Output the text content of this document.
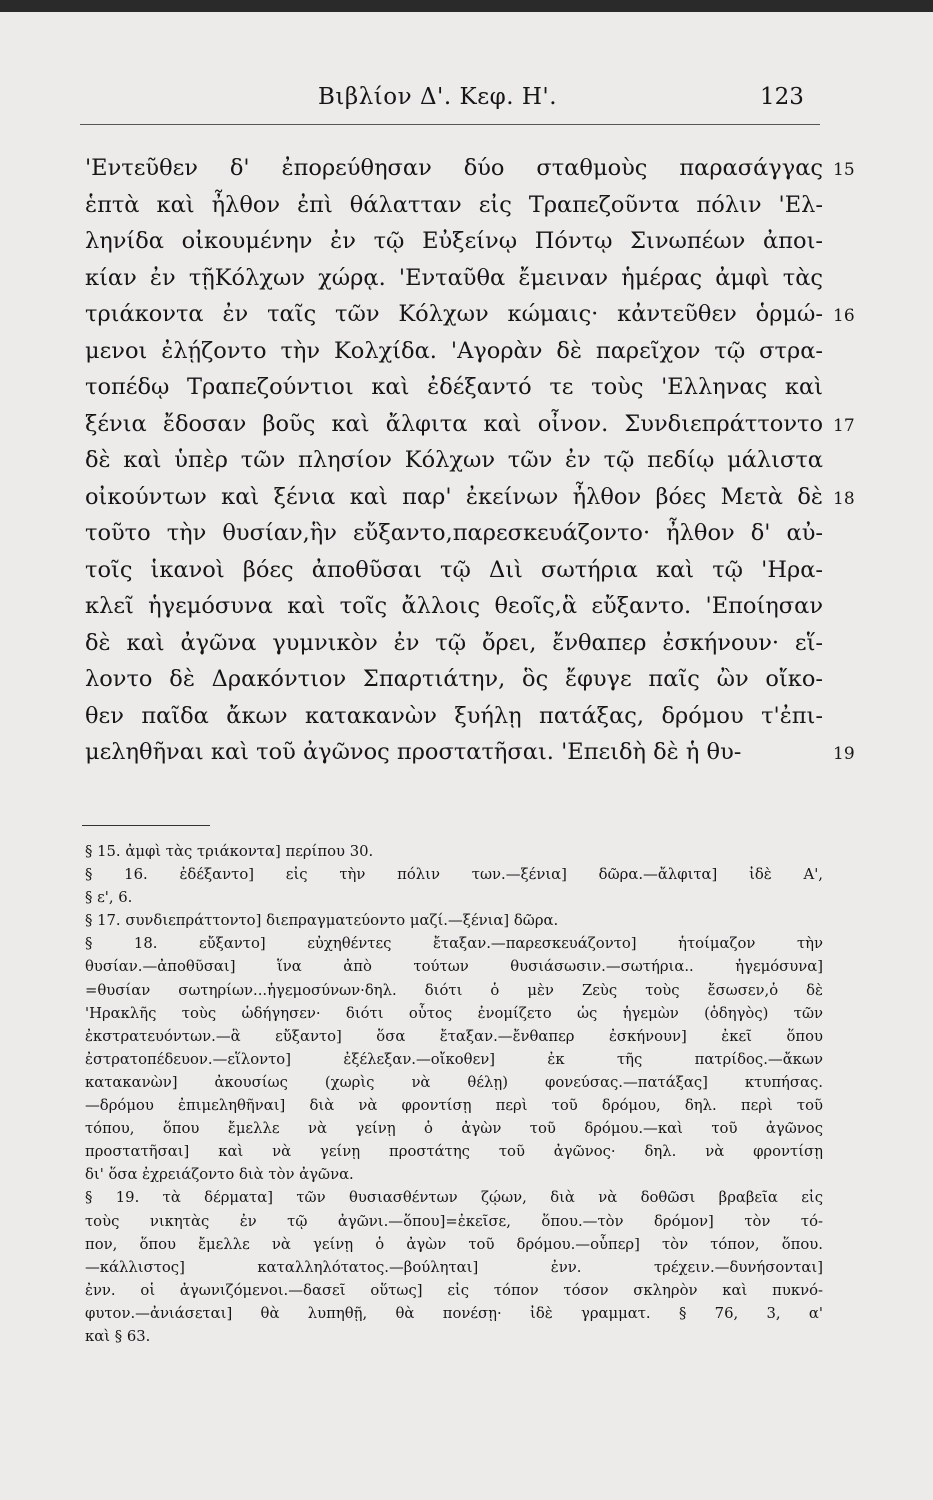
Βιβλίον Δ'. Κεφ. Η'.	123
'Εντεῦθεν δ' ἐπορεύθησαν δύο σταθμοὺς παρασάγγας 15
ἑπτὰ καὶ ἦλθον ἐπὶ θάλατταν εἰς Τραπεζοῦντα πόλιν 'Ελ-
ληνίδα οἰκουμένην ἐν τῷ Εὐξείνῳ Πόντῳ Σινωπέων ἀποι-
κίαν ἐν τῇΚόλχων χώρᾳ. 'Ενταῦθα ἔμειναν ἡμέρας ἀμφὶ τὰς
τριάκοντα ἐν ταῖς τῶν Κόλχων κώμαις· κἀντεῦθεν ὁρμώ- 16
μενοι ἐλῄζοντο τὴν Κολχίδα. 'Αγορὰν δὲ παρεῖχον τῷ στρα-
τοπέδῳ Τραπεζούντιοι καὶ ἐδέξαντό τε τοὺς 'Ελληνας καὶ
ξένια ἔδοσαν βοῦς καὶ ἄλφιτα καὶ οἶνον. Συνδιεπράττοντο 17
δὲ καὶ ὑπὲρ τῶν πλησίον Κόλχων τῶν ἐν τῷ πεδίῳ μάλιστα
οἰκούντων καὶ ξένια καὶ παρ' ἐκείνων ἦλθον βόες Μετὰ δὲ 18
τοῦτο τὴν θυσίαν,ἣν εὔξαντο,παρεσκευάζοντο· ἦλθον δ' αὐ-
τοῖς ἱκανοὶ βόες ἀποθῦσαι τῷ Διὶ σωτήρια καὶ τῷ 'Ηρα-
κλεῖ ἡγεμόσυνα καὶ τοῖς ἄλλοις θεοῖς,ἃ εὔξαντο. 'Εποίησαν
δὲ καὶ ἀγῶνα γυμνικὸν ἐν τῷ ὄρει, ἔνθαπερ ἐσκήνουν· εἵ-
λοντο δὲ Δρακόντιον Σπαρτιάτην, ὃς ἔφυγε παῖς ὢν οἴκο-
θεν παῖδα ἄκων κατακανὼν ξυήλῃ πατάξας, δρόμου τ'ἐπι-
μεληθῆναι καὶ τοῦ ἀγῶνος προστατῆσαι. 'Επειδὴ δὲ ἡ θυ-	19
§ 15. ἀμφὶ τὰς τριάκοντα] περίπου 30.
§ 16. ἐδέξαντο] εἰς τὴν πόλιν των.—ξένια] δῶρα.—ἄλφιτα] ἰδὲ Α',
§ ε', 6.
§ 17. συνδιεπράττοντο] διεπραγματεύοντο μαζί.—ξένια] δῶρα.
§ 18. εὔξαντο] εὐχηθέντες ἔταξαν.—παρεσκευάζοντο] ἡτοίμαζον τὴν
θυσίαν.—ἀποθῦσαι] ἵνα ἀπὸ τούτων θυσιάσωσιν.—σωτήρια.. ἡγεμόσυνα]
=θυσίαν σωτηρίων...ἡγεμοσύνων·δηλ. διότι ὁ μὲν Ζεὺς τοὺς ἔσωσεν,ὁ δὲ
'Ηρακλῆς τοὺς ὡδήγησεν· διότι οὗτος ἐνομίζετο ὡς ἡγεμὼν (ὁδηγὸς) τῶν
ἐκστρατευόντων.—ἃ εὔξαντο] ὅσα ἔταξαν.—ἔνθαπερ ἐσκήνουν] ἐκεῖ ὅπου
ἐστρατοπέδευον.—εἵλοντο] ἐξέλεξαν.—οἴκοθεν] ἐκ τῆς πατρίδος.—ἄκων
κατακανὼν] ἀκουσίως (χωρὶς νὰ θέλῃ) φονεύσας.—πατάξας] κτυπήσας.
—δρόμου ἐπιμεληθῆναι] διὰ νὰ φροντίσῃ περὶ τοῦ δρόμου, δηλ. περὶ τοῦ
τόπου, ὅπου ἔμελλε νὰ γείνῃ ὁ ἀγὼν τοῦ δρόμου.—καὶ τοῦ ἀγῶνος
προστατῆσαι] καὶ νὰ γείνῃ προστάτης τοῦ ἀγῶνος· δηλ. νὰ φροντίσῃ
δι' ὅσα ἐχρειάζοντο διὰ τὸν ἀγῶνα.
§ 19. τὰ δέρματα] τῶν θυσιασθέντων ζῴων, διὰ νὰ δοθῶσι βραβεῖα εἰς
τοὺς νικητὰς ἐν τῷ ἀγῶνι.—ὅπου]=ἐκεῖσε, ὅπου.—τὸν δρόμον] τὸν τό-
πον, ὅπου ἔμελλε νὰ γείνῃ ὁ ἀγὼν τοῦ δρόμου.—οὗπερ] τὸν τόπον, ὅπου.
—κάλλιστος] καταλληλότατος.—βούληται] ἐνν. τρέχειν.—δυνήσονται]
ἐνν. οἱ ἀγωνιζόμενοι.—δασεῖ οὕτως] εἰς τόπον τόσον σκληρὸν καὶ πυκνό-
φυτον.—ἀνιάσεται] θὰ λυπηθῇ, θὰ πονέσῃ· ἰδὲ γραμματ. § 76, 3, α'
καὶ § 63.
